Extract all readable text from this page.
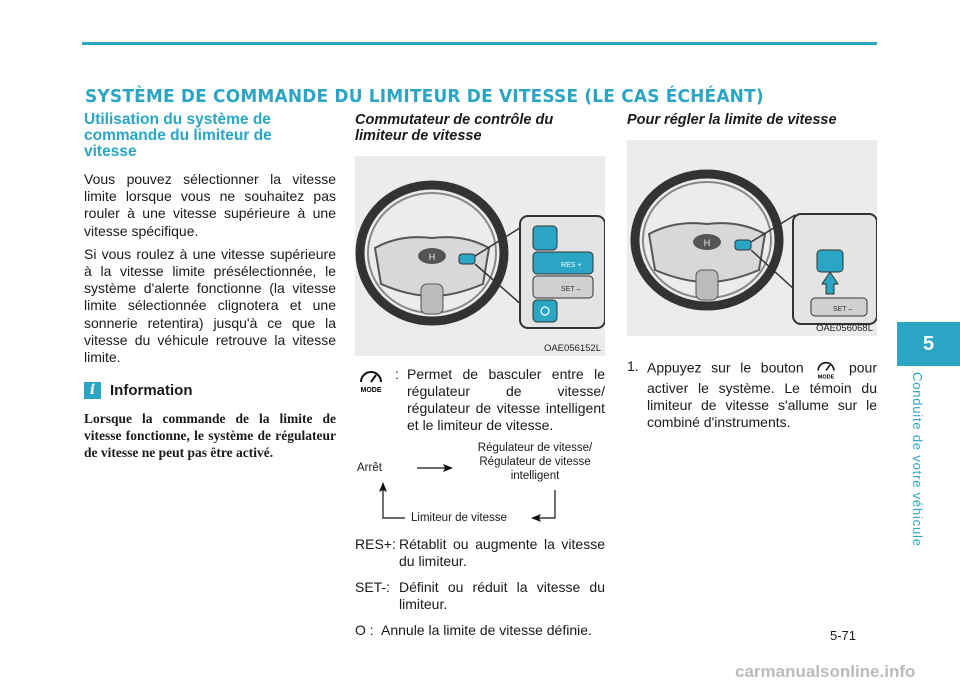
SYSTÈME DE COMMANDE DU LIMITEUR DE VITESSE (LE CAS ÉCHÉANT)
5
Conduite de votre véhicule
Utilisation du système de commande du limiteur de vitesse

Vous pouvez sélectionner la vitesse limite lorsque vous ne souhaitez pas rouler à une vitesse supérieure à une vitesse spécifique.

Si vous roulez à une vitesse supérieure à la vitesse limite présélectionnée, le système d'alerte fonctionne (la vitesse limite sélectionnée clignotera et une sonnerie retentira) jusqu'à ce que la vitesse du véhicule retrouve la vitesse limite.

i Information

Lorsque la commande de la limite de vitesse fonctionne, le système de régulateur de vitesse ne peut pas être activé.

Commutateur de contrôle du limiteur de vitesse
H
RES +
SET –
OAE056152L
MODE
: Permet de basculer entre le régulateur de vitesse/ régulateur de vitesse intelligent et le limiteur de vitesse.
Arrêt
Régulateur de vitesse/
Régulateur de vitesse
intelligent
Limiteur de vitesse
RES+: Rétablit ou augmente la vitesse du limiteur.
SET-: Définit ou réduit la vitesse du limiteur.
O : Annule la limite de vitesse définie.
Pour régler la limite de vitesse
H
SET –
OAE056068L
1. Appuyez sur le bouton
MODE
pour activer le système. Le témoin du limiteur de vitesse s'allume sur le combiné d'instruments.
5-71
carmanualsonline.info
